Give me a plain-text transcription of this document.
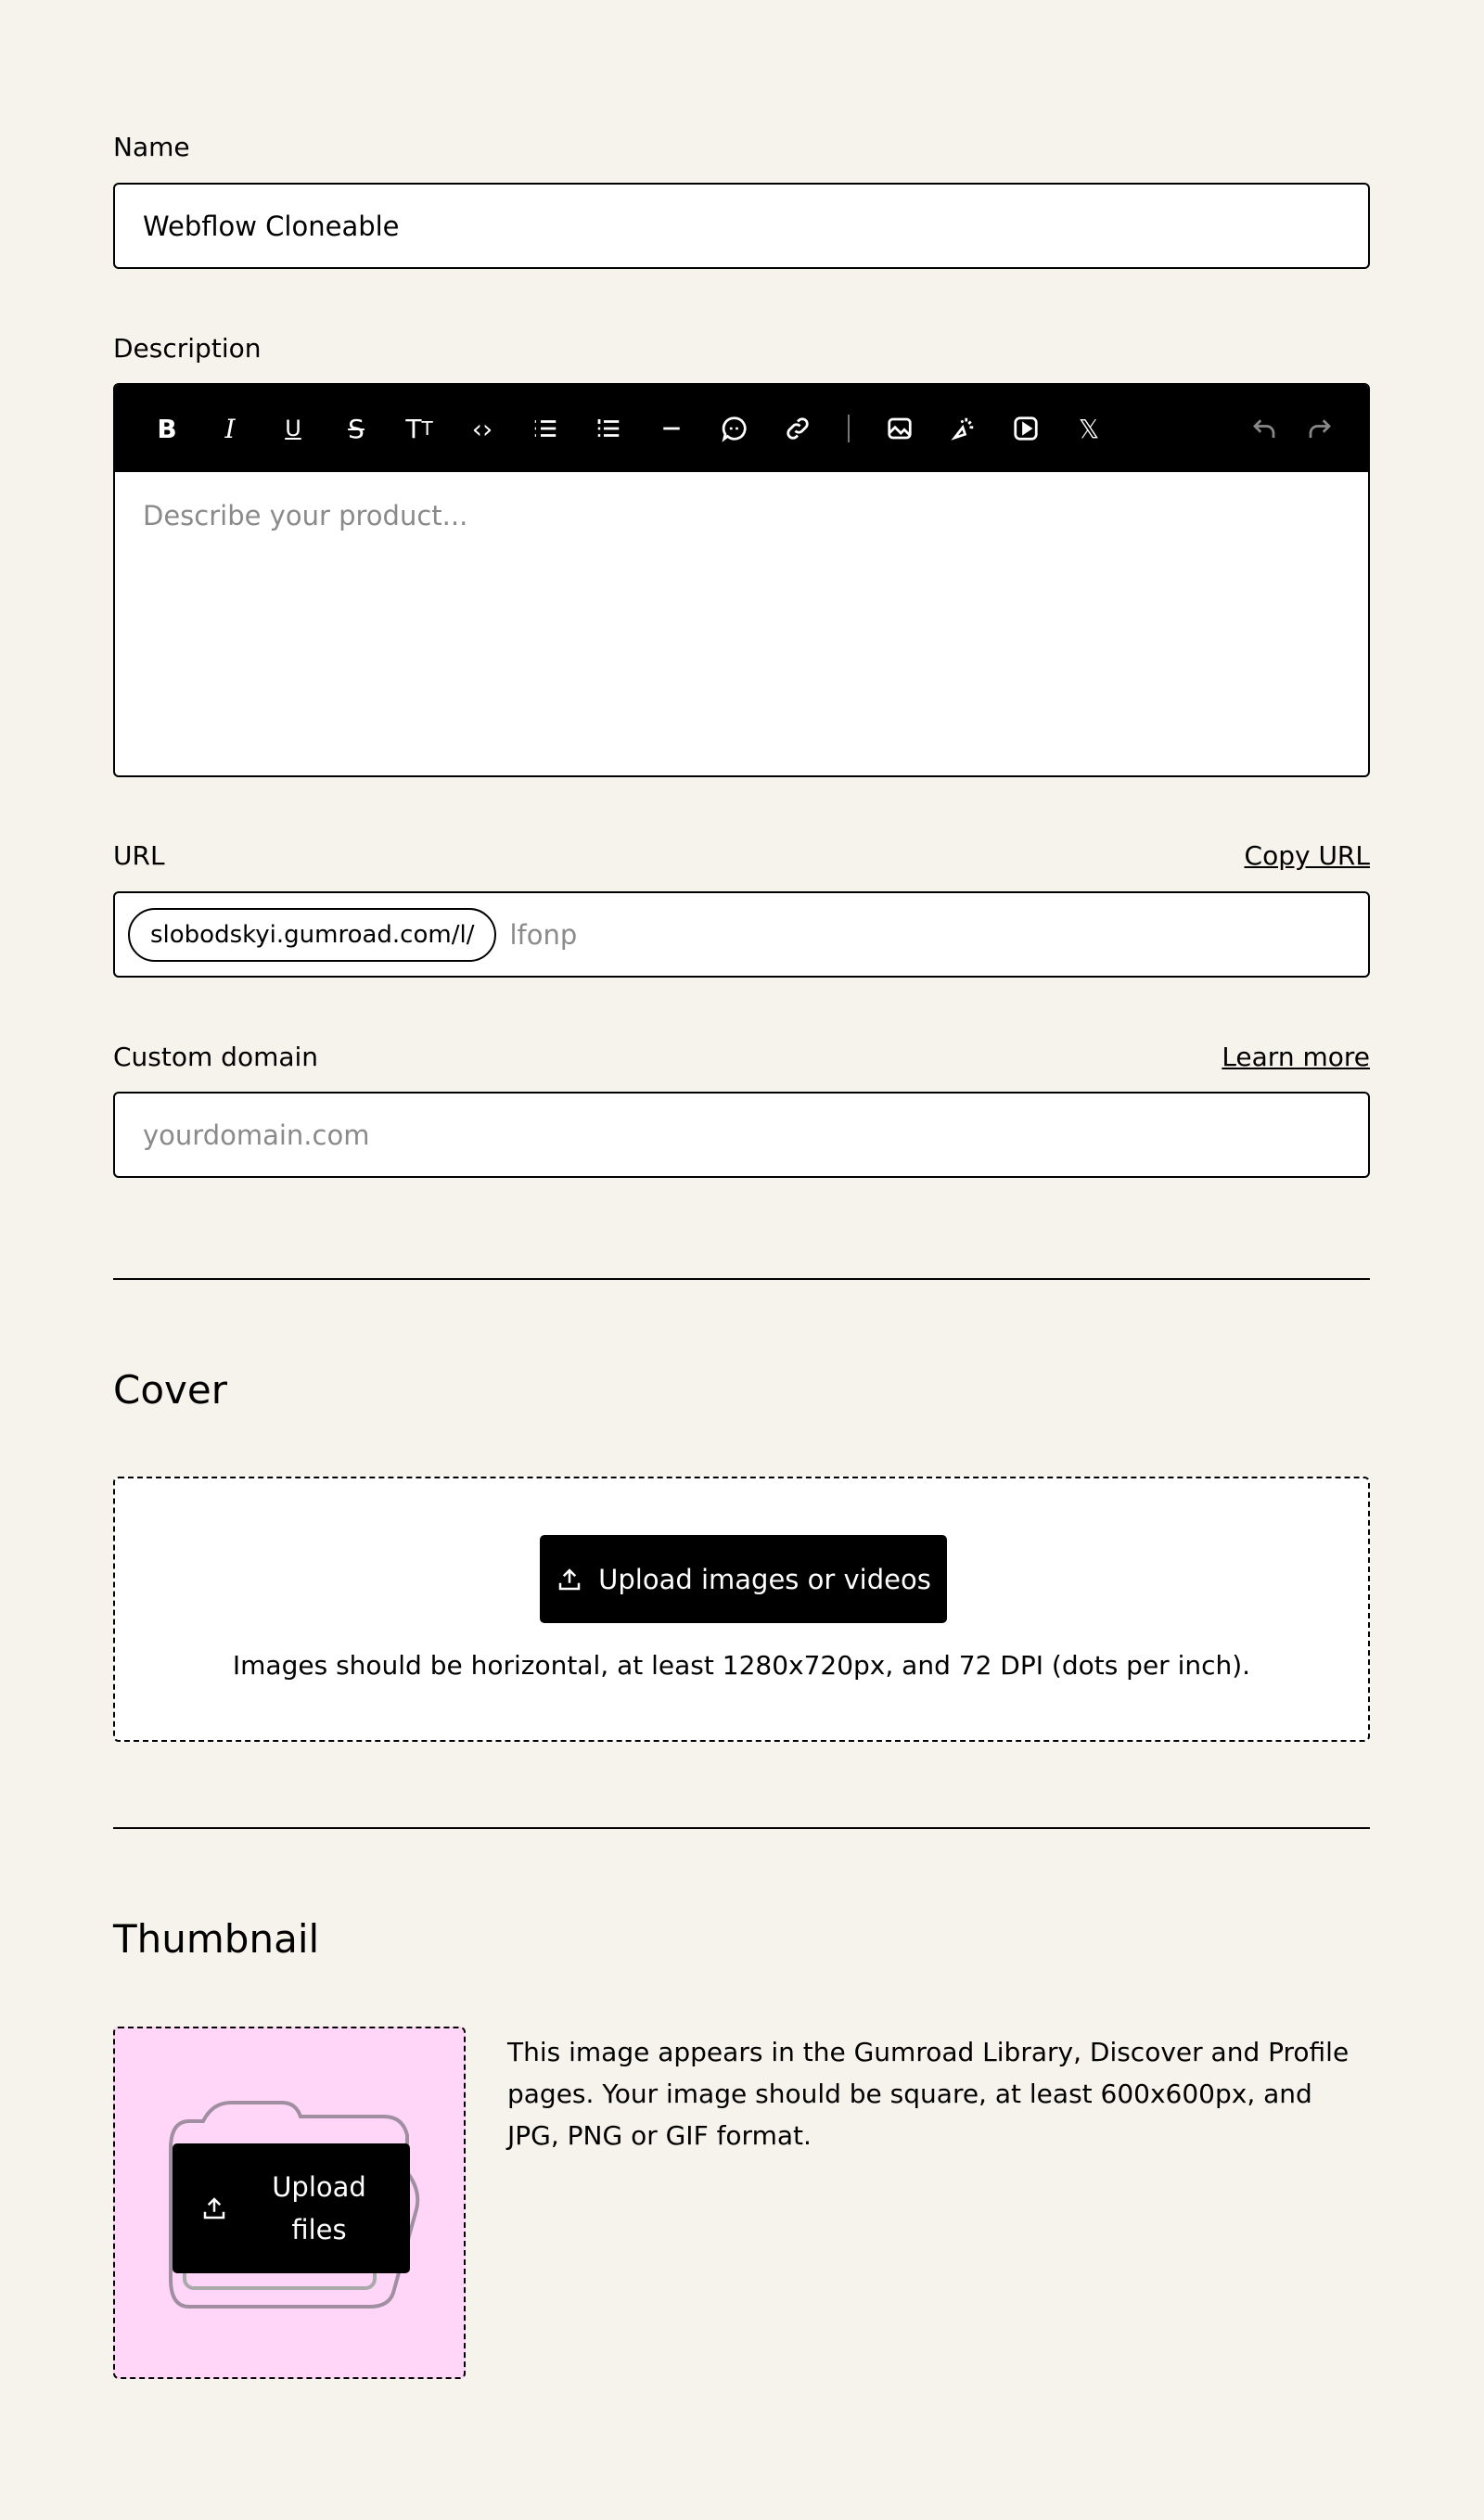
Name
Webflow Cloneable
Description
B	I	U	S	T T	‹›	𝕏
Describe your product...
URL	Copy URL
slobodskyi.gumroad.com/l/	lfonp
Custom domain	Learn more
yourdomain.com
Cover
Upload images or videos
Images should be horizontal, at least 1280x720px, and 72 DPI (dots per inch).
Thumbnail
Upload
files
This image appears in the Gumroad Library, Discover and Profile pages. Your image should be square, at least 600x600px, and JPG, PNG or GIF format.
